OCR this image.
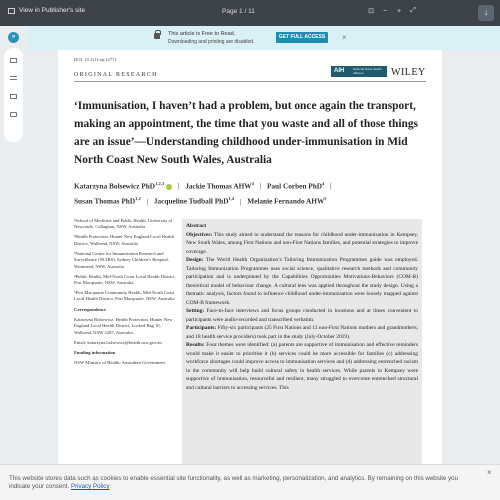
View in Publisher's site	Page 1 / 11	⊡	−	+	⤢	↓
»	This article is Free to Read.
Downloading and printing are disabled.
GET FULL ACCESS	×
DOI: 10.1111/ajr.12771
ORIGINAL RESEARCH
AIH	National Rural Health Alliance	WILEY
‘Immunisation, I haven’t had a problem, but once again the transport, making an appointment, the time that you waste and all of those things are an issue’—Understanding childhood under-immunisation in Mid North Coast New South Wales, Australia
Katarzyna Bolsewicz PhD$^{1,2,3}$ | Jackie Thomas AHW$^4$ | Paul Corben PhD$^4$ |
Susan Thomas PhD$^{1,2}$ | Jacqueline Tudball PhD$^{1,4}$ | Melanie Fernando AHW$^5$

¹School of Medicine and Public Health, University of Newcastle, Callaghan, NSW, Australia

²Health Protection, Hunter New England Local Health District, Wallsend, NSW, Australia

³National Centre for Immunisation Research and Surveillance (NCIRS), Sydney Children’s Hospital, Westmead, NSW, Australia

⁴Public Health, Mid-North Coast Local Health District, Port Macquarie, NSW, Australia

⁵Port Macquarie Community Health, Mid-North Coast Local Health District, Port Macquarie, NSW, Australia

Correspondence

Katarzyna Bolsewicz, Health Protection, Hunter New England Local Health District, Locked Bag 10, Wallsend, NSW 2287, Australia.

Email: katarzyna.bolsewicz@health.nsw.gov.au

Funding information

NSW Ministry of Health; Australian Government

Abstract

Objectives: This study aimed to understand the reasons for childhood under-immunisation in Kempsey, New South Wales, among First Nations and non-First Nations families, and potential strategies to improve coverage.

Design: The World Health Organization’s Tailoring Immunization Programmes guide was employed. Tailoring Immunization Programmes uses social science, qualitative research methods and community participation and is underpinned by the Capabilities Opportunities Motivations-Behaviors (COM-B) theoretical model of behaviour change. A cultural lens was applied throughout the study design. Using a thematic analysis, factors found to influence childhood under-immunisation were loosely mapped against COM-B framework.

Setting: Face-to-face interviews and focus groups conducted in locations and at times convenient to participants were audio-recorded and transcribed verbatim.

Participants: Fifty-six participants (25 First Nations and 13 non-First Nations mothers and grandmothers, and 18 health service providers) took part in the study (July-October 2019).

Results: Four themes were identified: (a) parents are supportive of immunisation and effective reminders would make it easier to prioritise it (b) services could be more accessible for families (c) addressing workforce shortages could improve access to immunisation services and (d) addressing entrenched racism in the community will help build cultural safety in health services. While parents in Kempsey were supportive of immunisation, resourceful and resilient, many struggled to overcome entrenched structural and cultural barriers to accessing services. This

This website stores data such as cookies to enable essential site functionality, as well as marketing, personalization, and analytics. By remaining on this website you indicate your consent. Privacy Policy
×
